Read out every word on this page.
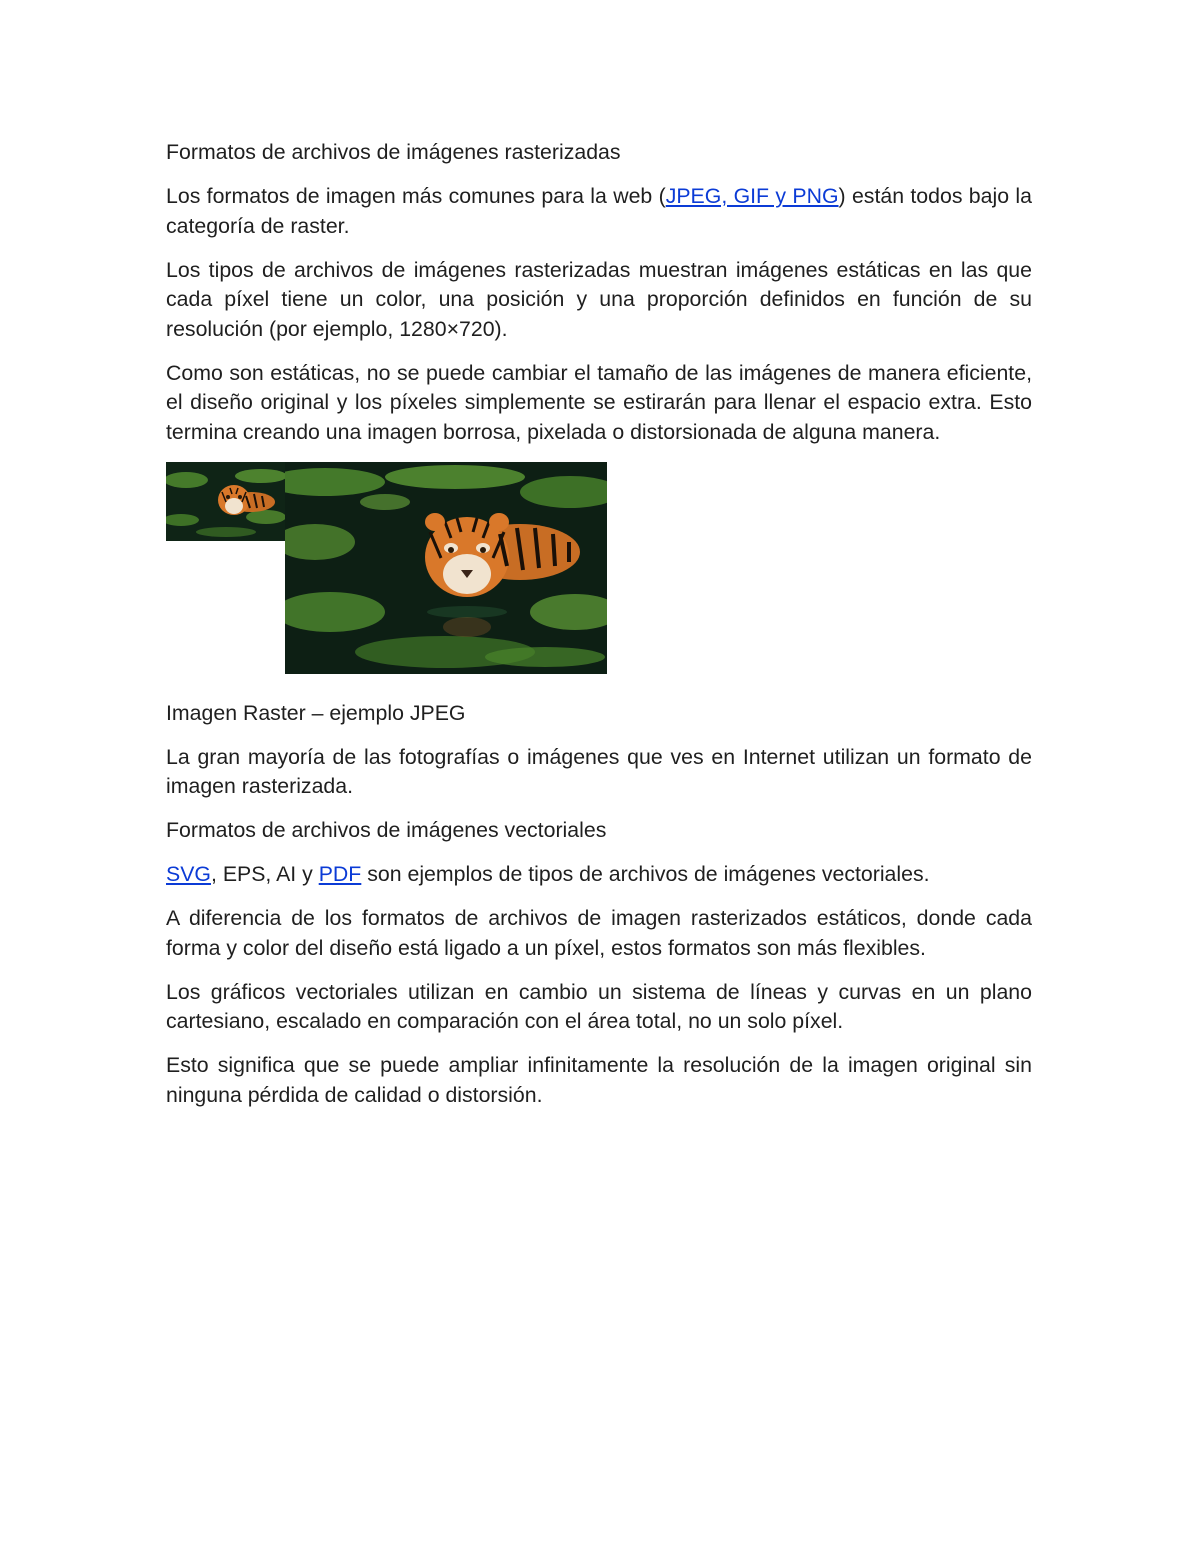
Formatos de archivos de imágenes rasterizadas

Los formatos de imagen más comunes para la web (JPEG, GIF y PNG) están todos bajo la categoría de raster.

Los tipos de archivos de imágenes rasterizadas muestran imágenes estáticas en las que cada píxel tiene un color, una posición y una proporción definidos en función de su resolución (por ejemplo, 1280×720).

Como son estáticas, no se puede cambiar el tamaño de las imágenes de manera eficiente, el diseño original y los píxeles simplemente se estirarán para llenar el espacio extra. Esto termina creando una imagen borrosa, pixelada o distorsionada de alguna manera.

Imagen Raster – ejemplo JPEG

La gran mayoría de las fotografías o imágenes que ves en Internet utilizan un formato de imagen rasterizada.

Formatos de archivos de imágenes vectoriales

SVG, EPS, AI y PDF son ejemplos de tipos de archivos de imágenes vectoriales.

A diferencia de los formatos de archivos de imagen rasterizados estáticos, donde cada forma y color del diseño está ligado a un píxel, estos formatos son más flexibles.

Los gráficos vectoriales utilizan en cambio un sistema de líneas y curvas en un plano cartesiano, escalado en comparación con el área total, no un solo píxel.

Esto significa que se puede ampliar infinitamente la resolución de la imagen original sin ninguna pérdida de calidad o distorsión.
